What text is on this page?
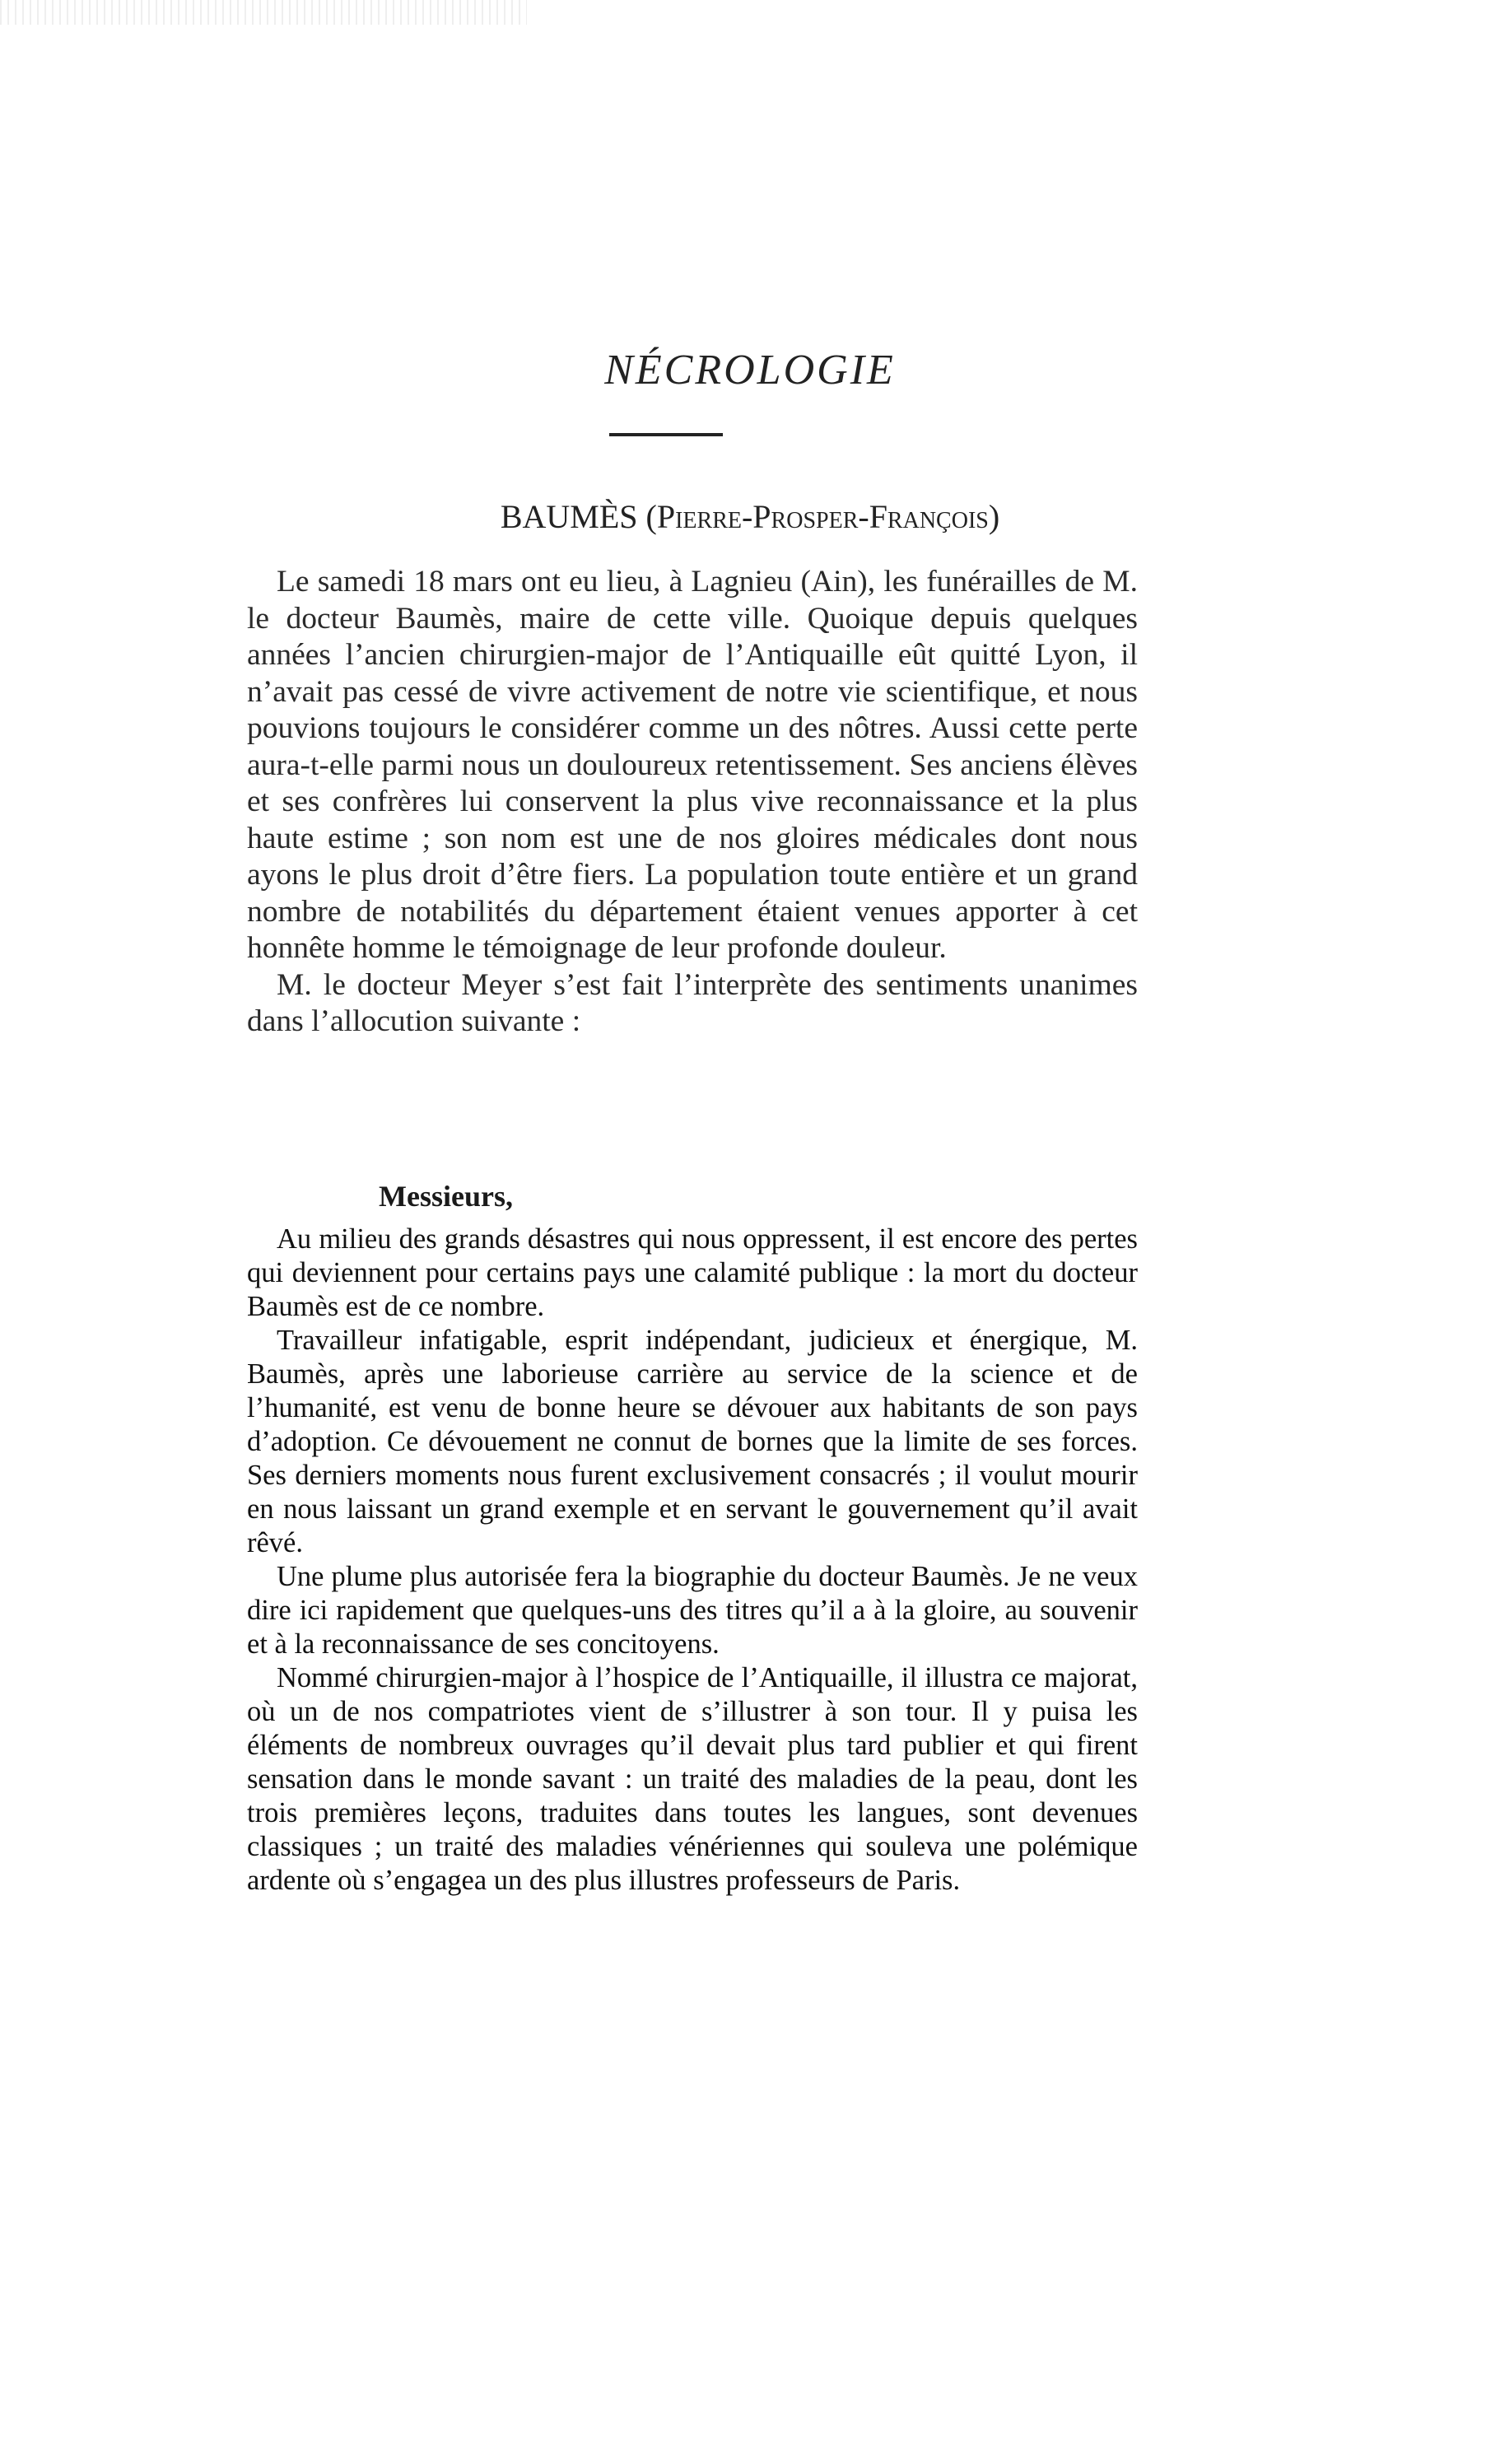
NÉCROLOGIE
BAUMÈS (Pierre-Prosper-François)

Le samedi 18 mars ont eu lieu, à Lagnieu (Ain), les funérailles de M. le docteur Baumès, maire de cette ville. Quoique depuis quelques années l’ancien chirurgien-major de l’Antiquaille eût quitté Lyon, il n’avait pas cessé de vivre activement de notre vie scientifique, et nous pouvions toujours le considérer comme un des nôtres. Aussi cette perte aura-t-elle parmi nous un douloureux retentissement. Ses anciens élèves et ses confrères lui conservent la plus vive reconnaissance et la plus haute estime ; son nom est une de nos gloires médicales dont nous ayons le plus droit d’être fiers. La population toute entière et un grand nombre de notabilités du département étaient venues apporter à cet honnête homme le témoignage de leur profonde douleur.

M. le docteur Meyer s’est fait l’interprète des sentiments unanimes dans l’allocution suivante :

Messieurs,

Au milieu des grands désastres qui nous oppressent, il est encore des pertes qui deviennent pour certains pays une calamité publique : la mort du docteur Baumès est de ce nombre.

Travailleur infatigable, esprit indépendant, judicieux et énergique, M. Baumès, après une laborieuse carrière au service de la science et de l’humanité, est venu de bonne heure se dévouer aux habitants de son pays d’adoption. Ce dévouement ne connut de bornes que la limite de ses forces. Ses derniers moments nous furent exclusivement consacrés ; il voulut mourir en nous laissant un grand exemple et en servant le gouvernement qu’il avait rêvé.

Une plume plus autorisée fera la biographie du docteur Baumès. Je ne veux dire ici rapidement que quelques-uns des titres qu’il a à la gloire, au souvenir et à la reconnaissance de ses concitoyens.

Nommé chirurgien-major à l’hospice de l’Antiquaille, il illustra ce majorat, où un de nos compatriotes vient de s’illustrer à son tour. Il y puisa les éléments de nombreux ouvrages qu’il devait plus tard publier et qui firent sensation dans le monde savant : un traité des maladies de la peau, dont les trois premières leçons, traduites dans toutes les langues, sont devenues classiques ; un traité des maladies vénériennes qui souleva une polémique ardente où s’engagea un des plus illustres professeurs de Paris.
